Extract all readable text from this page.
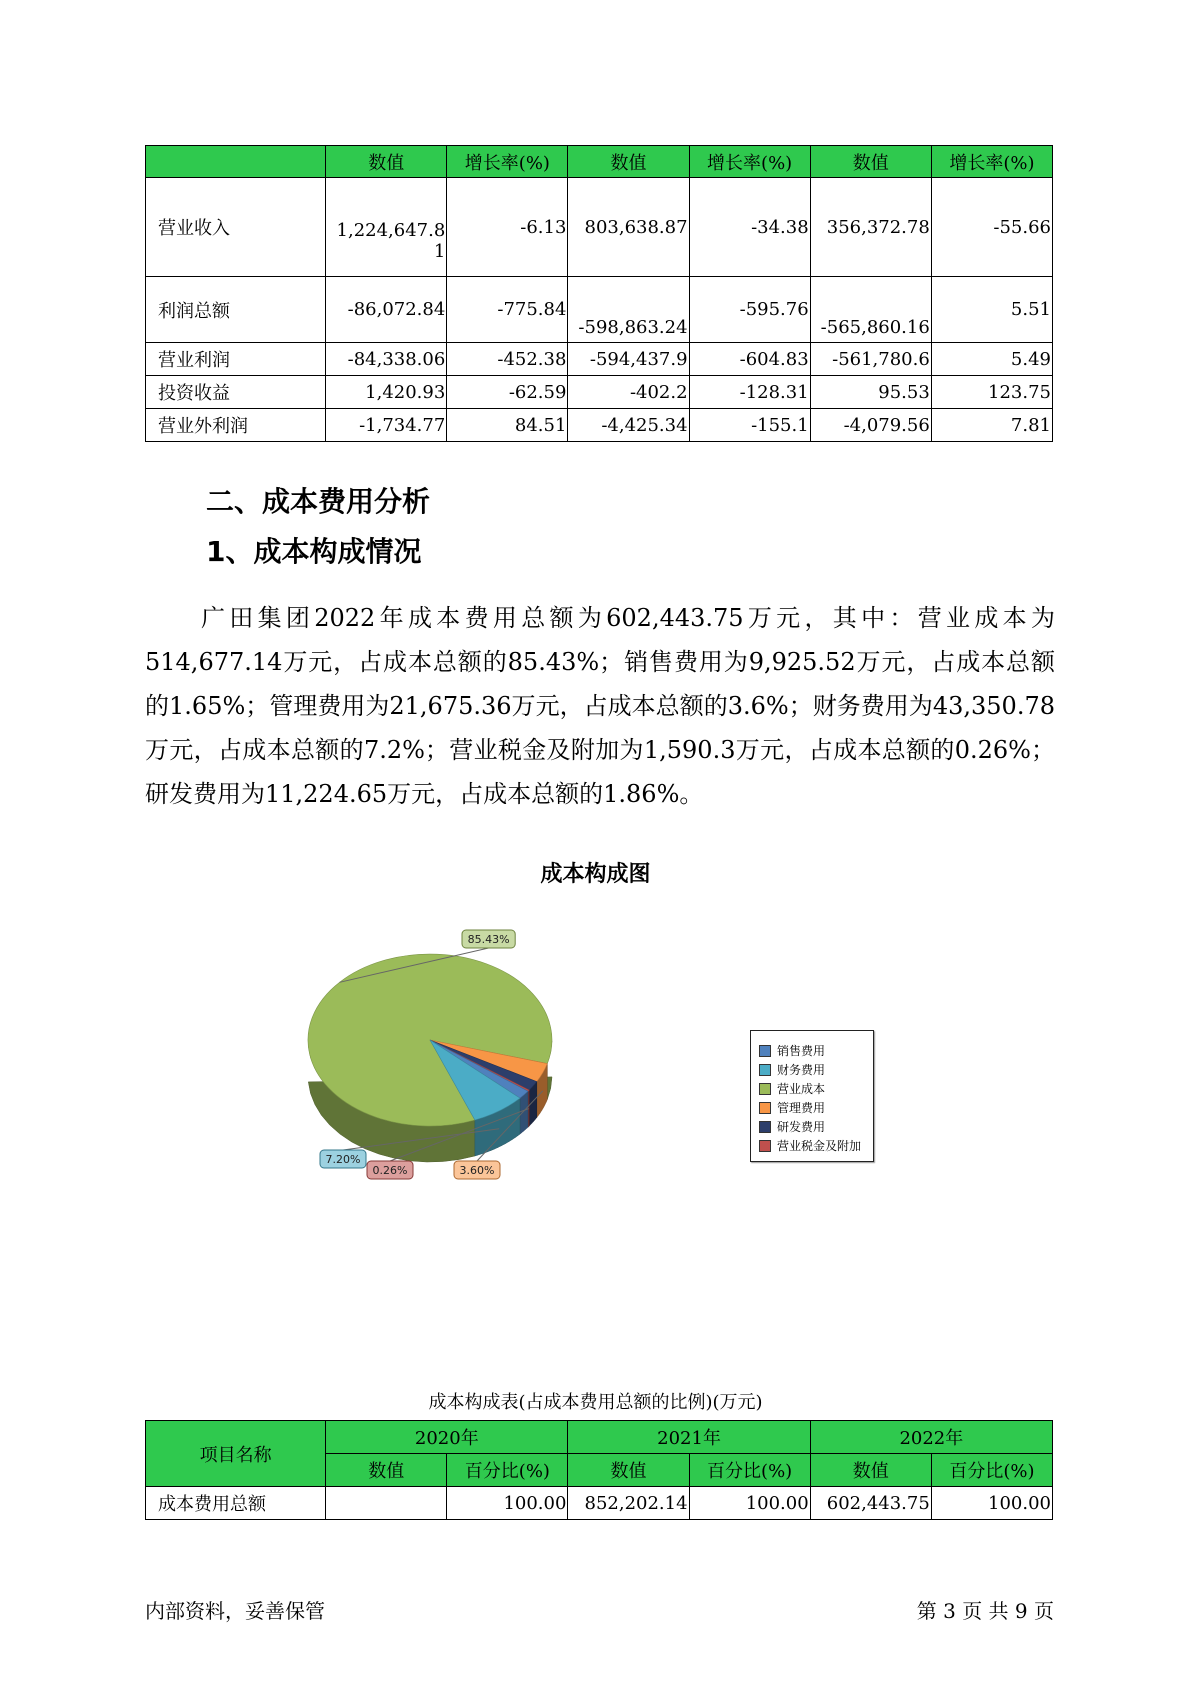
	数值	增长率(%)	数值	增长率(%)	数值	增长率(%)
营业收入	1,224,647.81	-6.13	803,638.87	-34.38	356,372.78	-55.66
利润总额	-86,072.84	-775.84	-598,863.24	-595.76	-565,860.16	5.51
营业利润	-84,338.06	-452.38	-594,437.9	-604.83	-561,780.6	5.49
投资收益	1,420.93	-62.59	-402.2	-128.31	95.53	123.75
营业外利润	-1,734.77	84.51	-4,425.34	-155.1	-4,079.56	7.81
二、成本费用分析
1、成本构成情况
广田集团2022年成本费用总额为602,443.75万元，其中：营业成本为514,677.14万元，占成本总额的85.43%；销售费用为9,925.52万元，占成本总额的1.65%；管理费用为21,675.36万元，占成本总额的3.6%；财务费用为43,350.78万元，占成本总额的7.2%；营业税金及附加为1,590.3万元，占成本总额的0.26%；研发费用为11,224.65万元，占成本总额的1.86%。
成本构成图
85.43%
3.60%
0.26%
7.20%
销售费用
财务费用
营业成本
管理费用
研发费用
营业税金及附加
成本构成表(占成本费用总额的比例)(万元)
项目名称	2020年		2021年		2022年	
	数值	百分比(%)	数值	百分比(%)	数值	百分比(%)
成本费用总额		100.00	852,202.14	100.00	602,443.75	100.00
内部资料，妥善保管	第 3 页 共 9 页
